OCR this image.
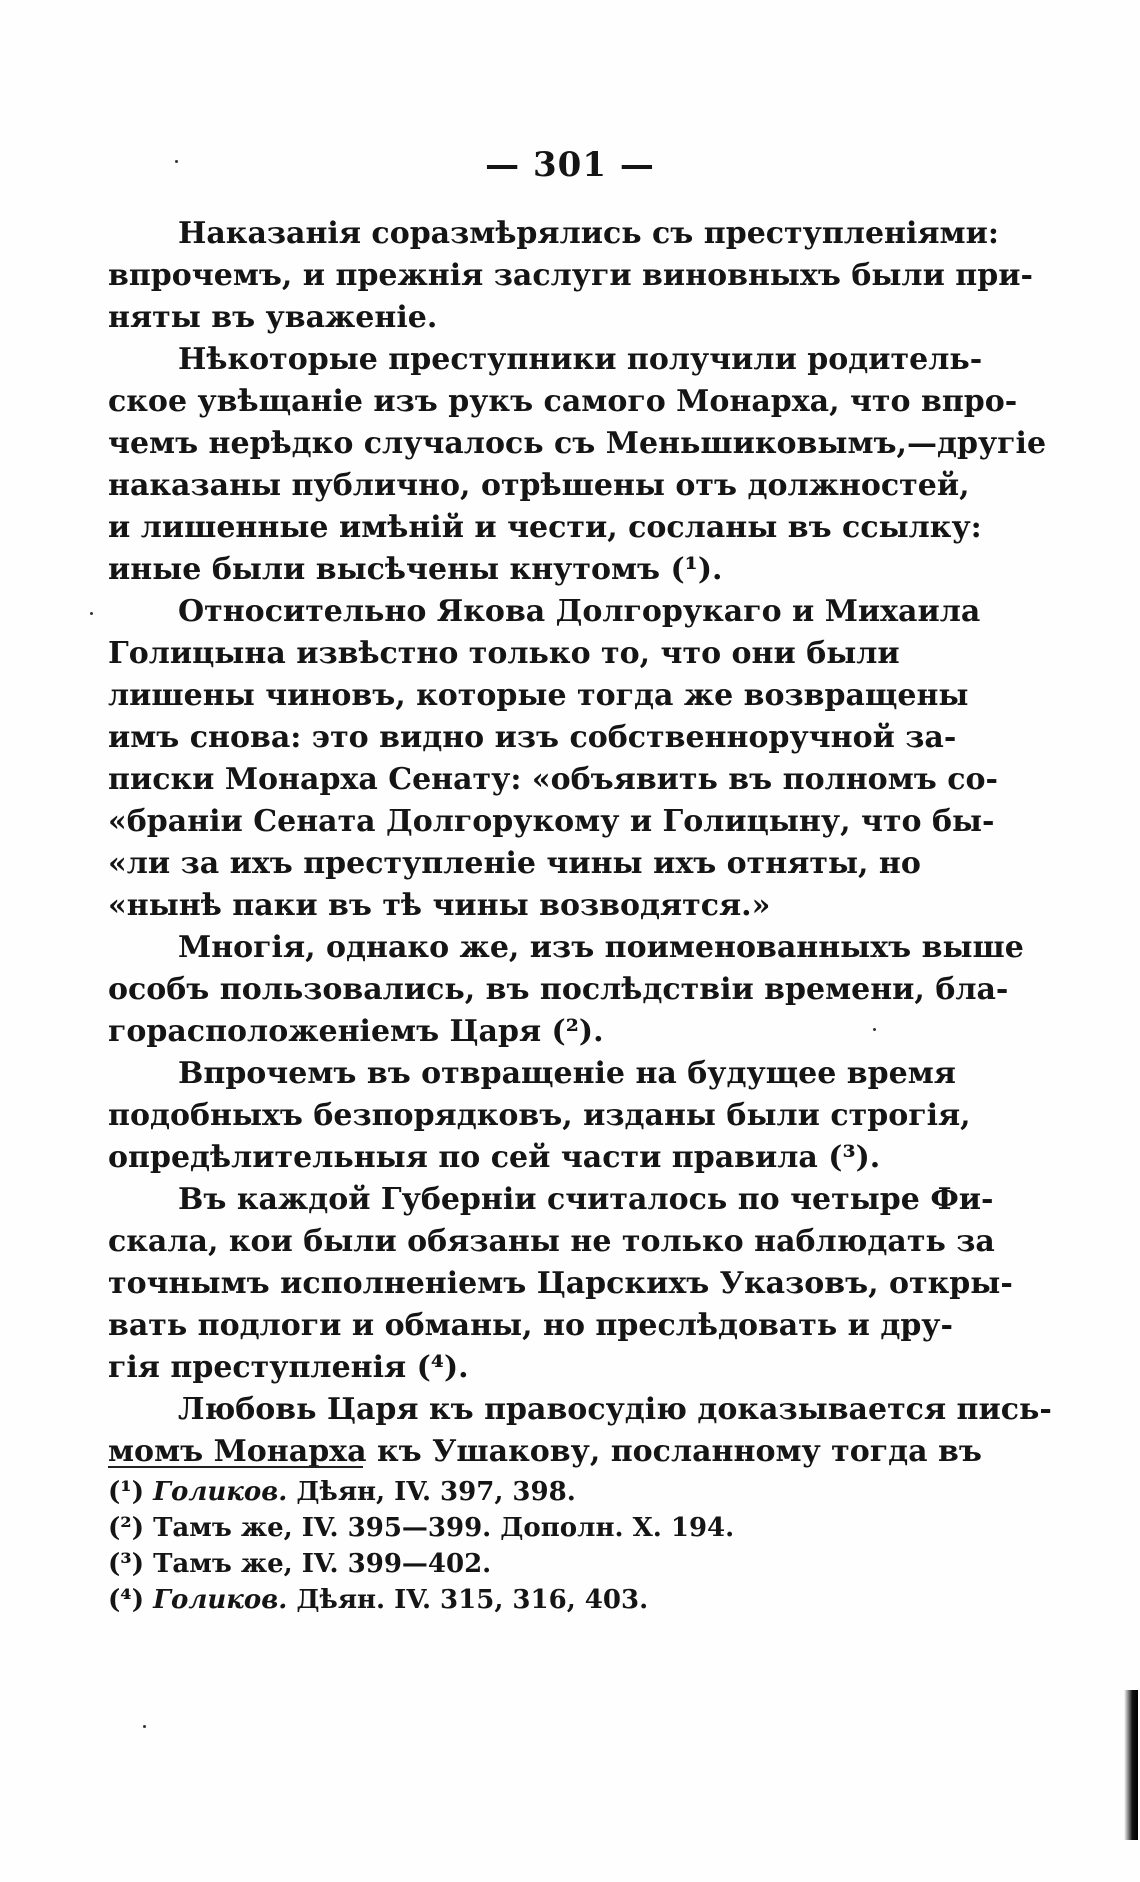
— 301 —
Наказанія соразмѣрялись съ преступленіями:
впрочемъ, и прежнія заслуги виновныхъ были при-
няты въ уваженіе.
Нѣкоторые преступники получили родитель-
ское увѣщаніе изъ рукъ самого Монарха, что впро-
чемъ нерѣдко случалось съ Меньшиковымъ,—другіе
наказаны публично, отрѣшены отъ должностей,
и лишенные имѣній и чести, сосланы въ ссылку:
иные были высѣчены кнутомъ (¹).
Относительно Якова Долгорукаго и Михаила
Голицына извѣстно только то, что они были
лишены чиновъ, которые тогда же возвращены
имъ снова: это видно изъ собственноручной за-
писки Монарха Сенату: «объявить въ полномъ со-
«браніи Сената Долгорукому и Голицыну, что бы-
«ли за ихъ преступленіе чины ихъ отняты, но
«нынѣ паки въ тѣ чины возводятся.»
Многія, однако же, изъ поименованныхъ выше
особъ пользовались, въ послѣдствіи времени, бла-
горасположеніемъ Царя (²).
Впрочемъ въ отвращеніе на будущее время
подобныхъ безпорядковъ, изданы были строгія,
опредѣлительныя по сей части правила (³).
Въ каждой Губерніи считалось по четыре Фи-
скала, кои были обязаны не только наблюдать за
точнымъ исполненіемъ Царскихъ Указовъ, откры-
вать подлоги и обманы, но преслѣдовать и дру-
гія преступленія (⁴).
Любовь Царя къ правосудію доказывается пись-
момъ Монарха къ Ушакову, посланному тогда въ
(¹) Голиков. Дѣян, IV. 397, 398.
(²) Тамъ же, IV. 395—399. Дополн. X. 194.
(³) Тамъ же, IV. 399—402.
(⁴) Голиков. Дѣян. IV. 315, 316, 403.
